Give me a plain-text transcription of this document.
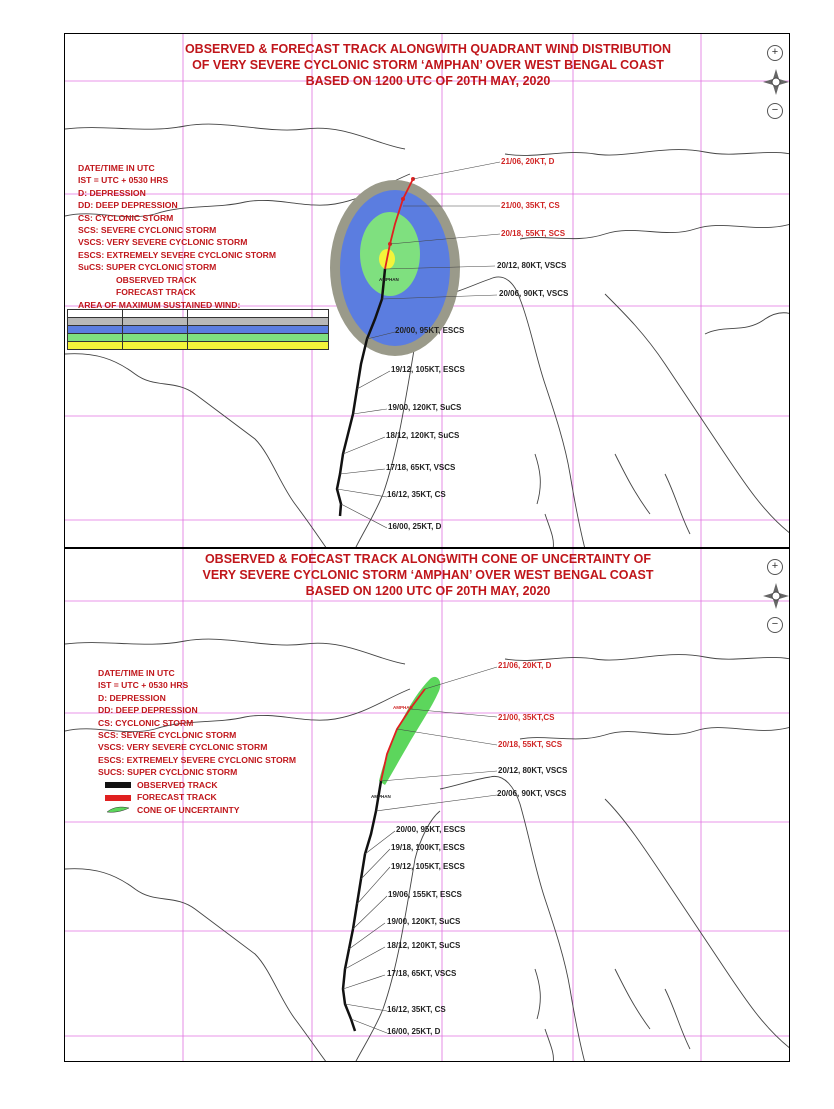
OBSERVED & FORECAST TRACK ALONGWITH QUADRANT WIND DISTRIBUTION
OF VERY SEVERE CYCLONIC STORM ‘AMPHAN’ OVER WEST BENGAL COAST
BASED ON 1200 UTC OF 20TH MAY, 2020
DATE/TIME IN UTC
IST = UTC + 0530 HRS
D: DEPRESSION
DD: DEEP DEPRESSION
CS: CYCLONIC STORM
SCS: SEVERE CYCLONIC STORM
VSCS: VERY SEVERE CYCLONIC STORM
ESCS: EXTREMELY SEVERE CYCLONIC STORM
SuCS: SUPER CYCLONIC STORM
OBSERVED TRACK
FORECAST TRACK
AREA OF MAXIMUM SUSTAINED WIND:

21/06, 20KT, D
21/00, 35KT, CS
20/18, 55KT, SCS
20/12, 80KT, VSCS
20/06, 90KT, VSCS
20/00, 95KT, ESCS
19/12, 105KT, ESCS
19/00, 120KT, SuCS
18/12, 120KT, SuCS
17/18, 65KT, VSCS
16/12, 35KT, CS
16/00, 25KT, D
AMPHAN
+
−
OBSERVED & FOECAST TRACK ALONGWITH CONE OF UNCERTAINTY OF
VERY SEVERE CYCLONIC STORM ‘AMPHAN’ OVER WEST BENGAL COAST
BASED ON 1200 UTC OF 20TH MAY, 2020
DATE/TIME IN UTC
IST = UTC + 0530 HRS
D: DEPRESSION
DD: DEEP DEPRESSION
CS: CYCLONIC STORM
SCS: SEVERE CYCLONIC STORM
VSCS: VERY SEVERE CYCLONIC STORM
ESCS: EXTREMELY SEVERE CYCLONIC STORM
SUCS: SUPER CYCLONIC STORM
OBSERVED TRACK
FORECAST TRACK
CONE OF UNCERTAINTY
21/06, 20KT, D
21/00, 35KT,CS
20/18, 55KT, SCS
20/12, 80KT, VSCS
20/06, 90KT, VSCS
20/00, 95KT, ESCS
19/18, 100KT, ESCS
19/12, 105KT, ESCS
19/06, 155KT, ESCS
19/00, 120KT, SuCS
18/12, 120KT, SuCS
17/18, 65KT, VSCS
16/12, 35KT, CS
16/00, 25KT, D
AMPHAN
AMPHAN
+
−
